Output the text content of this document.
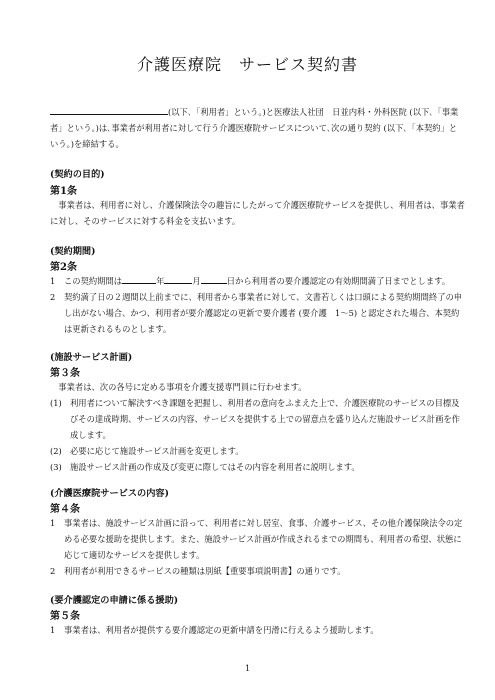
介護医療院　サービス契約書
(以下､「利用者」という｡)と医療法人社団　日並内科・外科医院 (以下､「事業者」という｡)は､事業者が利用者に対して行う介護医療院サービスについて､次の通り契約 (以下､「本契約」という｡)を締結する｡
(契約の目的)
第1条
事業者は、利用者に対し、介護保険法令の趣旨にしたがって介護医療院サービスを提供し、利用者は、事業者に対し、そのサービスに対する料金を支払います。
(契約期間)
第2条
1	この契約期間は	年	月	日から利用者の要介護認定の有効期間満了日までとします。
2	契約満了日の２週間以上前までに、利用者から事業者に対して、文書若しくは口頭による契約期間終了の申し出がない場合、かつ、利用者が要介護認定の更新で要介護者 (要介護　1～5) と認定された場合、本契約は更新されるものとします。
(施設サービス計画)
第３条
事業者は、次の各号に定める事項を介護支援専門員に行わせます。
(1) 利用者について解決すべき課題を把握し、利用者の意向をふまえた上で、介護医療院のサービスの目標及びその達成時期、サービスの内容、サービスを提供する上での留意点を盛り込んだ施設サービス計画を作成します。
(2) 必要に応じて施設サービス計画を変更します。
(3) 施設サービス計画の作成及び変更に際してはその内容を利用者に説明します。
(介護医療院サービスの内容)
第４条
1	事業者は、施設サービス計画に沿って、利用者に対し居室、食事、介護サービス、その他介護保険法令の定める必要な援助を提供します。また、施設サービス計画が作成されるまでの期間も、利用者の希望、状態に応じて適切なサービスを提供します。
2	利用者が利用できるサービスの種類は別紙【重要事項説明書】の通りです。
(要介護認定の申請に係る援助)
第５条
1	事業者は、利用者が提供する要介護認定の更新申請を円滑に行えるよう援助します。
1
